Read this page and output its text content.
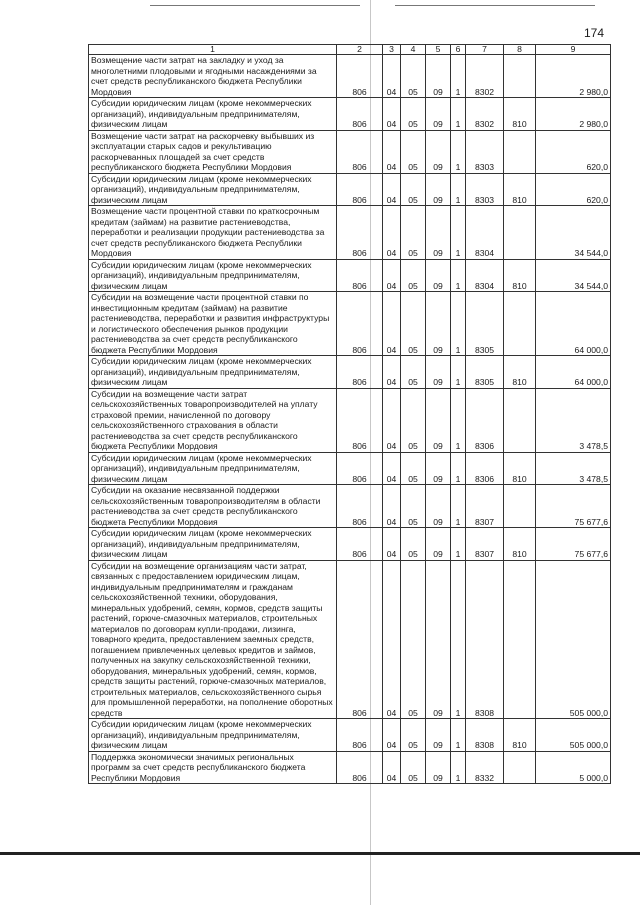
174
1	2	3	4	5	6	7	8	9
Возмещение части затрат на закладку и уход за многолетними плодовыми и ягодными насаждениями за счет средств республиканского бюджета Республики Мордовия	806	04	05	09	1	8302		2 980,0
Субсидии юридическим лицам (кроме некоммерческих организаций), индивидуальным предпринимателям, физическим лицам	806	04	05	09	1	8302	810	2 980,0
Возмещение части затрат на раскорчевку выбывших из эксплуатации старых садов и рекультивацию раскорчеванных площадей за счет средств республиканского бюджета Республики Мордовия	806	04	05	09	1	8303		620,0
Субсидии юридическим лицам (кроме некоммерческих организаций), индивидуальным предпринимателям, физическим лицам	806	04	05	09	1	8303	810	620,0
Возмещение части процентной ставки по краткосрочным кредитам (займам) на развитие растениеводства, переработки и реализации продукции растениеводства за счет средств республиканского бюджета Республики Мордовия	806	04	05	09	1	8304		34 544,0
Субсидии юридическим лицам (кроме некоммерческих организаций), индивидуальным предпринимателям, физическим лицам	806	04	05	09	1	8304	810	34 544,0
Субсидии на возмещение части процентной ставки по инвестиционным кредитам (займам) на развитие растениеводства, переработки и развития инфраструктуры и логистического обеспечения рынков продукции растениеводства за счет средств республиканского бюджета Республики Мордовия	806	04	05	09	1	8305		64 000,0
Субсидии юридическим лицам (кроме некоммерческих организаций), индивидуальным предпринимателям, физическим лицам	806	04	05	09	1	8305	810	64 000,0
Субсидии на возмещение части затрат сельскохозяйственных товаропроизводителей на уплату страховой премии, начисленной по договору сельскохозяйственного страхования в области растениеводства за счет средств республиканского бюджета Республики Мордовия	806	04	05	09	1	8306		3 478,5
Субсидии юридическим лицам (кроме некоммерческих организаций), индивидуальным предпринимателям, физическим лицам	806	04	05	09	1	8306	810	3 478,5
Субсидии на оказание несвязанной поддержки сельскохозяйственным товаропроизводителям в области растениеводства за счет средств республиканского бюджета Республики Мордовия	806	04	05	09	1	8307		75 677,6
Субсидии юридическим лицам (кроме некоммерческих организаций), индивидуальным предпринимателям, физическим лицам	806	04	05	09	1	8307	810	75 677,6
Субсидии на возмещение организациям части затрат, связанных с предоставлением юридическим лицам, индивидуальным предпринимателям и гражданам сельскохозяйственной техники, оборудования, минеральных удобрений, семян, кормов, средств защиты растений, горюче-смазочных материалов, строительных материалов по договорам купли-продажи, лизинга, товарного кредита, предоставлением заемных средств, погашением привлеченных целевых кредитов и займов, полученных на закупку сельскохозяйственной техники, оборудования, минеральных удобрений, семян, кормов, средств защиты растений, горюче-смазочных материалов, строительных материалов, сельскохозяйственного сырья для промышленной переработки, на пополнение оборотных средств	806	04	05	09	1	8308		505 000,0
Субсидии юридическим лицам (кроме некоммерческих организаций), индивидуальным предпринимателям, физическим лицам	806	04	05	09	1	8308	810	505 000,0
Поддержка экономически значимых региональных программ за счет средств республиканского бюджета Республики Мордовия	806	04	05	09	1	8332		5 000,0
